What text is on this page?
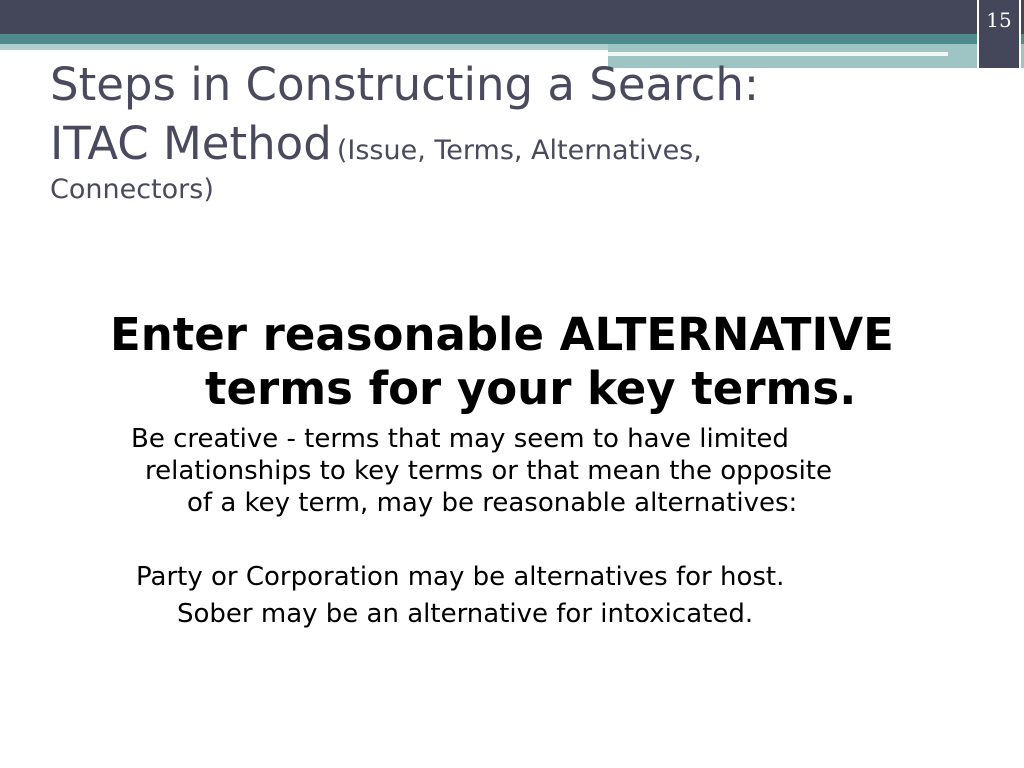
15
Steps in Constructing a Search:
ITAC Method (Issue, Terms, Alternatives,
Connectors)
Enter reasonable ALTERNATIVE
terms for your key terms.
Be creative - terms that may seem to have limited
relationships to key terms or that mean the opposite
of a key term, may be reasonable alternatives:
Party or Corporation may be alternatives for host.
Sober may be an alternative for intoxicated.
